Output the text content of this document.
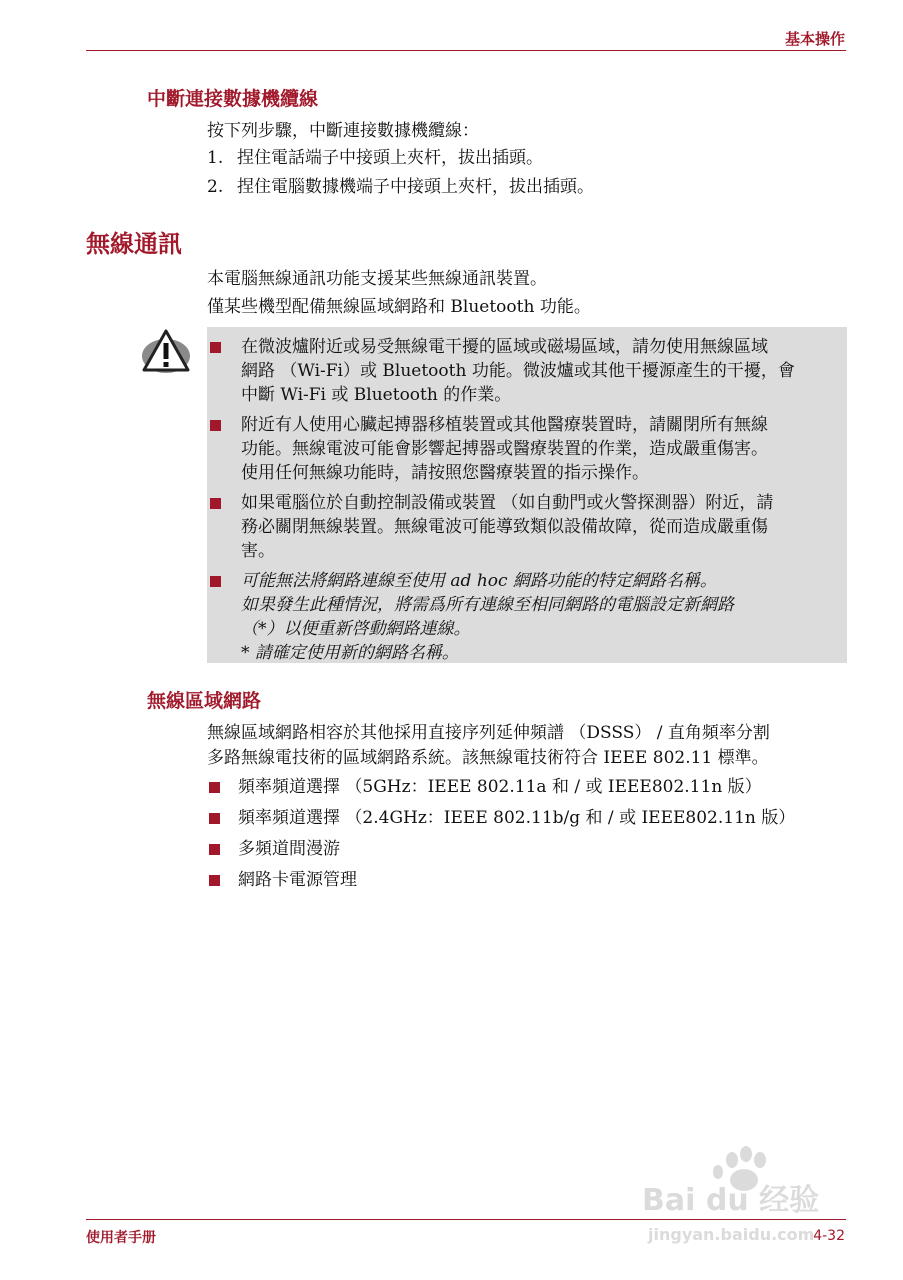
基本操作
中斷連接數據機纜線

按下列步驟，中斷連接數據機纜線：

1. 捏住電話端子中接頭上夾杆，拔出插頭。
2. 捏住電腦數據機端子中接頭上夾杆，拔出插頭。
無線通訊

本電腦無線通訊功能支援某些無線通訊裝置。

僅某些機型配備無線區域網路和 Bluetooth 功能。

在微波爐附近或易受無線電干擾的區域或磁場區域，請勿使用無線區域
網路 （Wi-Fi）或 Bluetooth 功能。微波爐或其他干擾源產生的干擾，會
中斷 Wi-Fi 或 Bluetooth 的作業。
附近有人使用心臟起搏器移植裝置或其他醫療裝置時，請關閉所有無線
功能。無線電波可能會影響起搏器或醫療裝置的作業，造成嚴重傷害。
使用任何無線功能時，請按照您醫療裝置的指示操作。
如果電腦位於自動控制設備或裝置 （如自動門或火警探測器）附近，請
務必關閉無線裝置。無線電波可能導致類似設備故障，從而造成嚴重傷
害。
可能無法將網路連線至使用 ad hoc 網路功能的特定網路名稱。
如果發生此種情況，將需爲所有連線至相同網路的電腦設定新網路
（*）以便重新啓動網路連線。
* 請確定使用新的網路名稱。
無線區域網路

無線區域網路相容於其他採用直接序列延伸頻譜 （DSSS） / 直角頻率分割

多路無線電技術的區域網路系統。該無線電技術符合 IEEE 802.11 標準。

頻率頻道選擇 （5GHz：IEEE 802.11a 和 / 或 IEEE802.11n 版）
頻率頻道選擇 （2.4GHz：IEEE 802.11b/g 和 / 或 IEEE802.11n 版）
多頻道間漫游
網路卡電源管理
Bai du 经验
jingyan.baidu.com
使用者手册	4-32
